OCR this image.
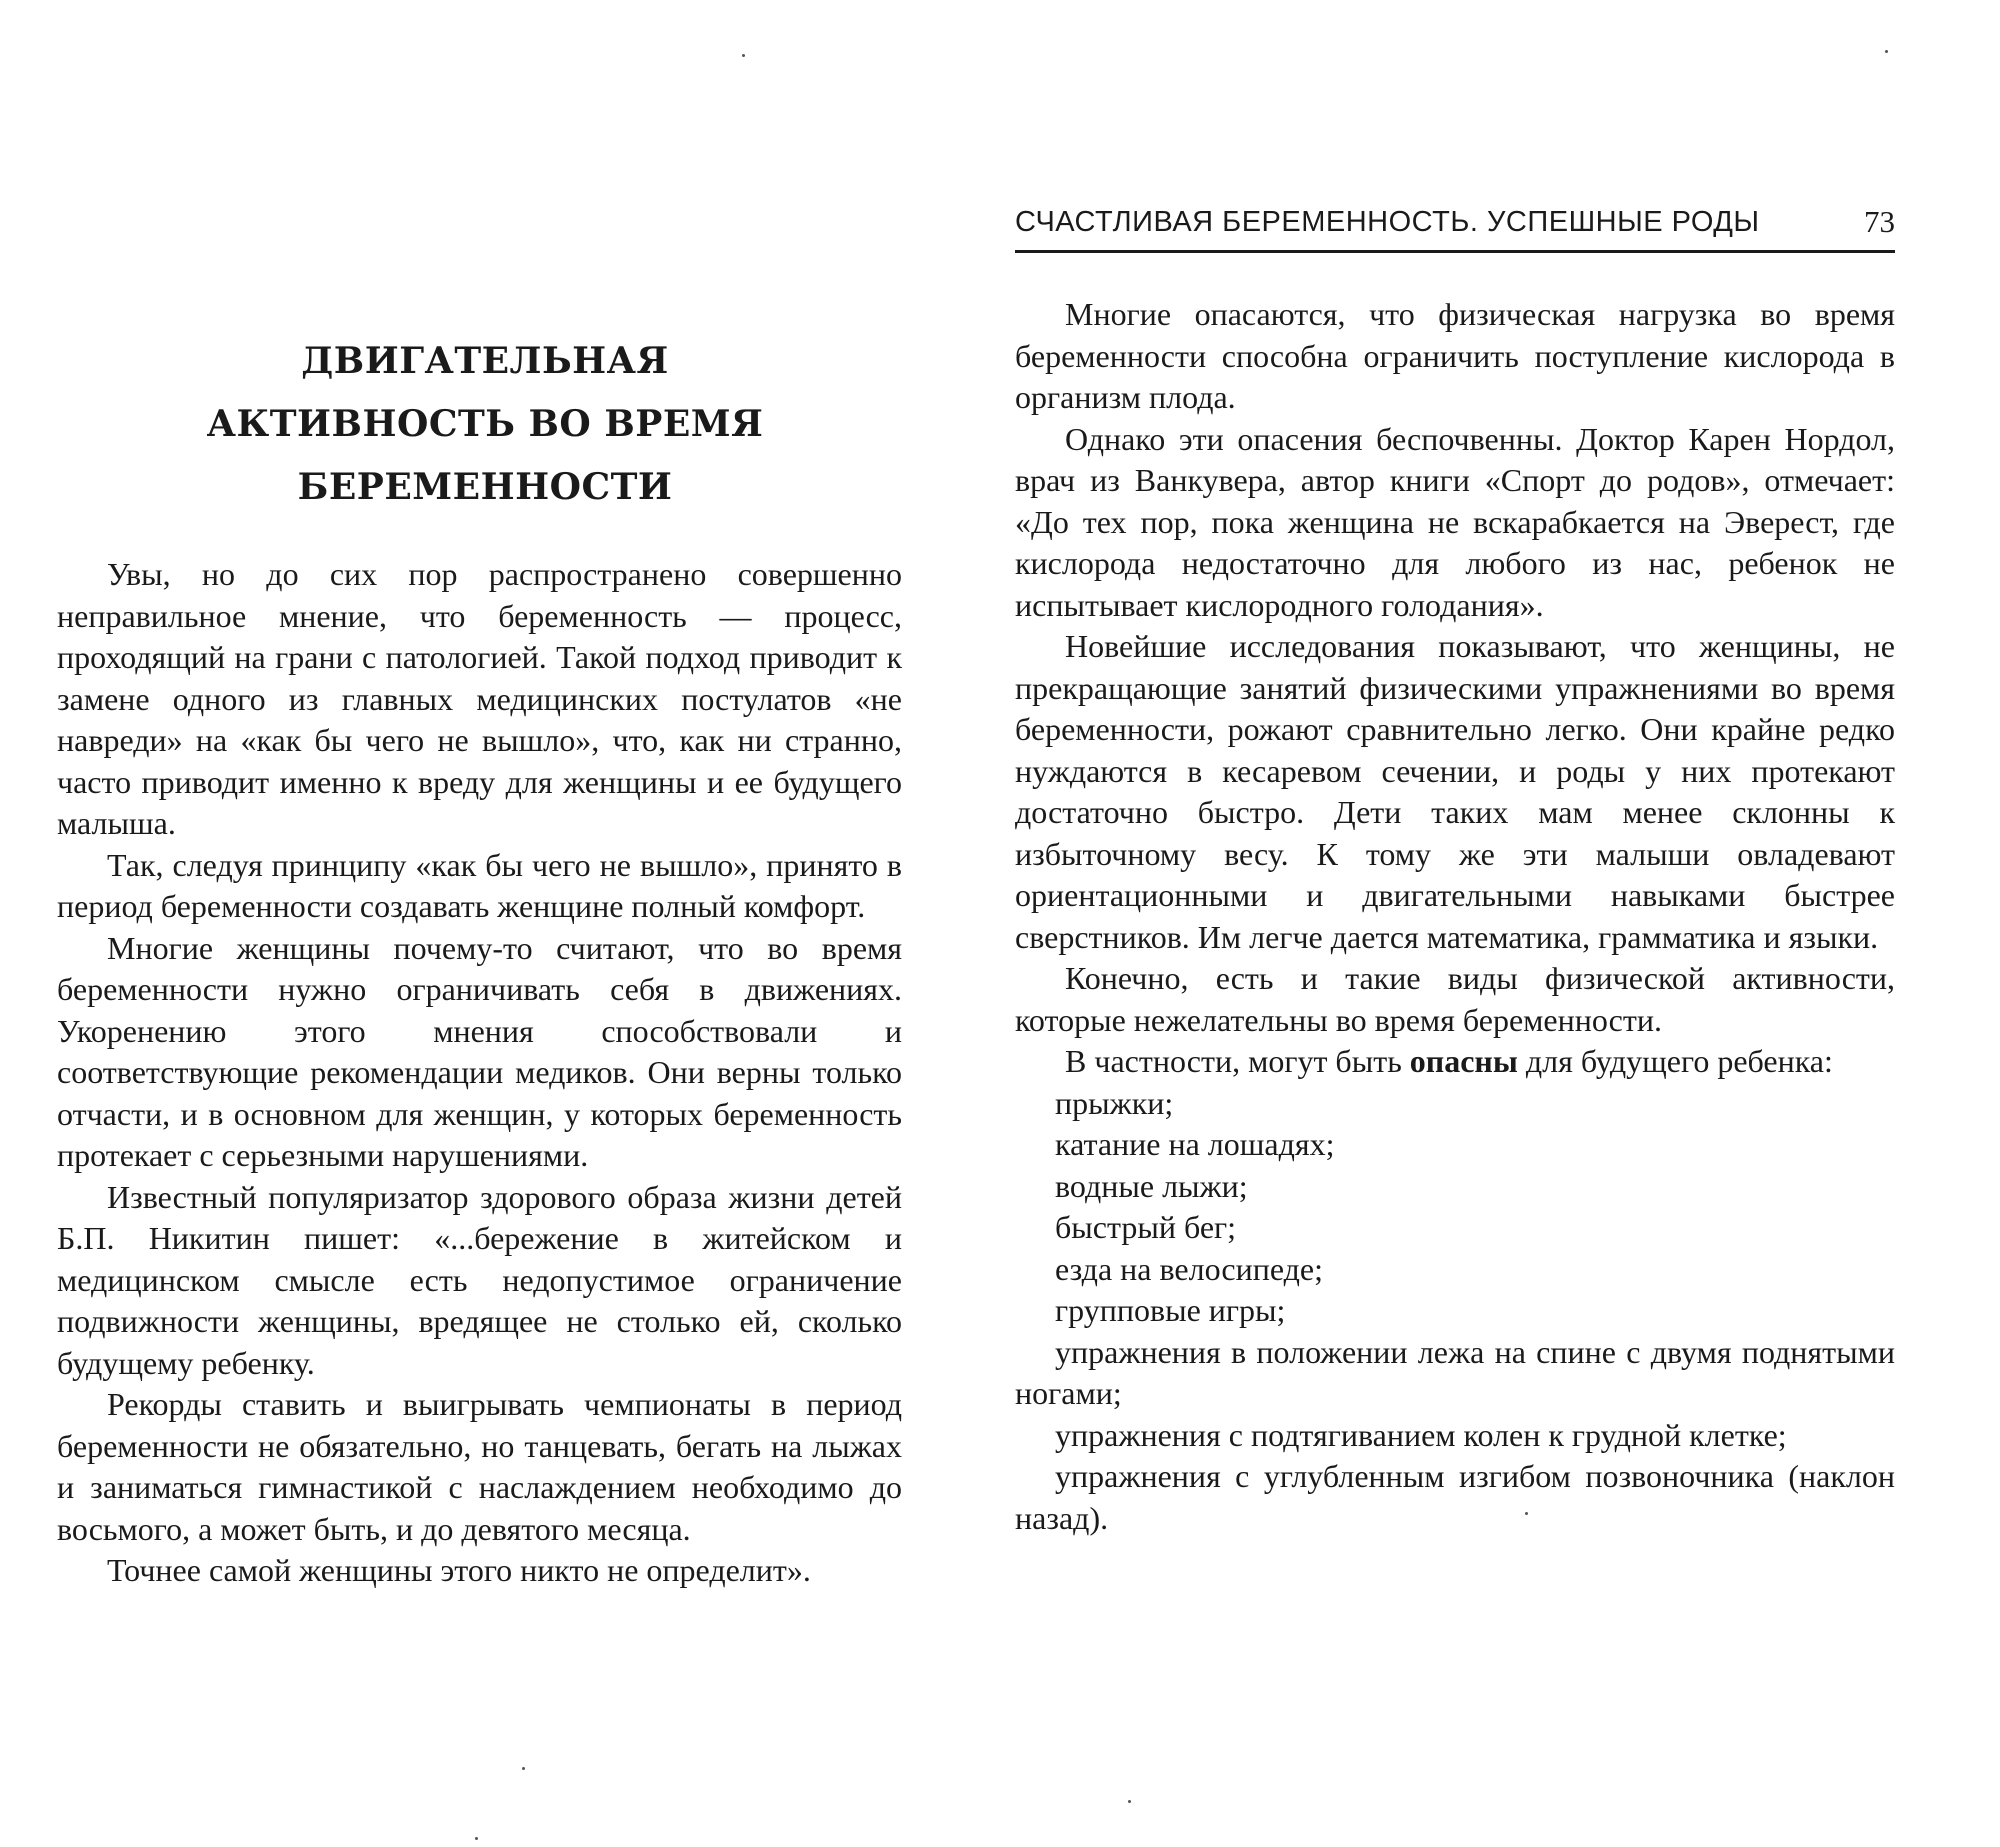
ДВИГАТЕЛЬНАЯ
АКТИВНОСТЬ ВО ВРЕМЯ
БЕРЕМЕННОСТИ

Увы, но до сих пор распространено совершенно неправильное мнение, что беременность — процесс, проходящий на грани с патологией. Такой подход приводит к замене одного из главных медицинских постулатов «не навреди» на «как бы чего не вышло», что, как ни странно, часто приводит именно к вреду для женщины и ее будущего малыша.

Так, следуя принципу «как бы чего не вышло», принято в период беременности создавать женщине полный комфорт.

Многие женщины почему-то считают, что во время беременности нужно ограничивать себя в движениях. Укоренению этого мнения способствовали и соответствующие рекомендации медиков. Они верны только отчасти, и в основном для женщин, у которых беременность протекает с серьезными нарушениями.

Известный популяризатор здорового образа жизни детей Б.П. Никитин пишет: «...бережение в житейском и медицинском смысле есть недопустимое ограничение подвижности женщины, вредящее не столько ей, сколько будущему ребенку.

Рекорды ставить и выигрывать чемпионаты в период беременности не обязательно, но танцевать, бегать на лыжах и заниматься гимнастикой с наслаждением необходимо до восьмого, а может быть, и до девятого месяца.

Точнее самой женщины этого никто не определит».

СЧАСТЛИВАЯ БЕРЕМЕННОСТЬ. УСПЕШНЫЕ РОДЫ	73

Многие опасаются, что физическая нагрузка во время беременности способна ограничить поступление кислорода в организм плода.

Однако эти опасения беспочвенны. Доктор Карен Нордол, врач из Ванкувера, автор книги «Спорт до родов», отмечает: «До тех пор, пока женщина не вскарабкается на Эверест, где кислорода недостаточно для любого из нас, ребенок не испытывает кислородного голодания».

Новейшие исследования показывают, что женщины, не прекращающие занятий физическими упражнениями во время беременности, рожают сравнительно легко. Они крайне редко нуждаются в кесаревом сечении, и роды у них протекают достаточно быстро. Дети таких мам менее склонны к избыточному весу. К тому же эти малыши овладевают ориентационными и двигательными навыками быстрее сверстников. Им легче дается математика, грамматика и языки.

Конечно, есть и такие виды физической активности, которые нежелательны во время беременности.

В частности, могут быть опасны для будущего ребенка:

прыжки;
катание на лошадях;
водные лыжи;
быстрый бег;
езда на велосипеде;
групповые игры;
упражнения в положении лежа на спине с двумя поднятыми ногами;
упражнения с подтягиванием колен к грудной клетке;
упражнения с углубленным изгибом позвоночника (наклон назад).
